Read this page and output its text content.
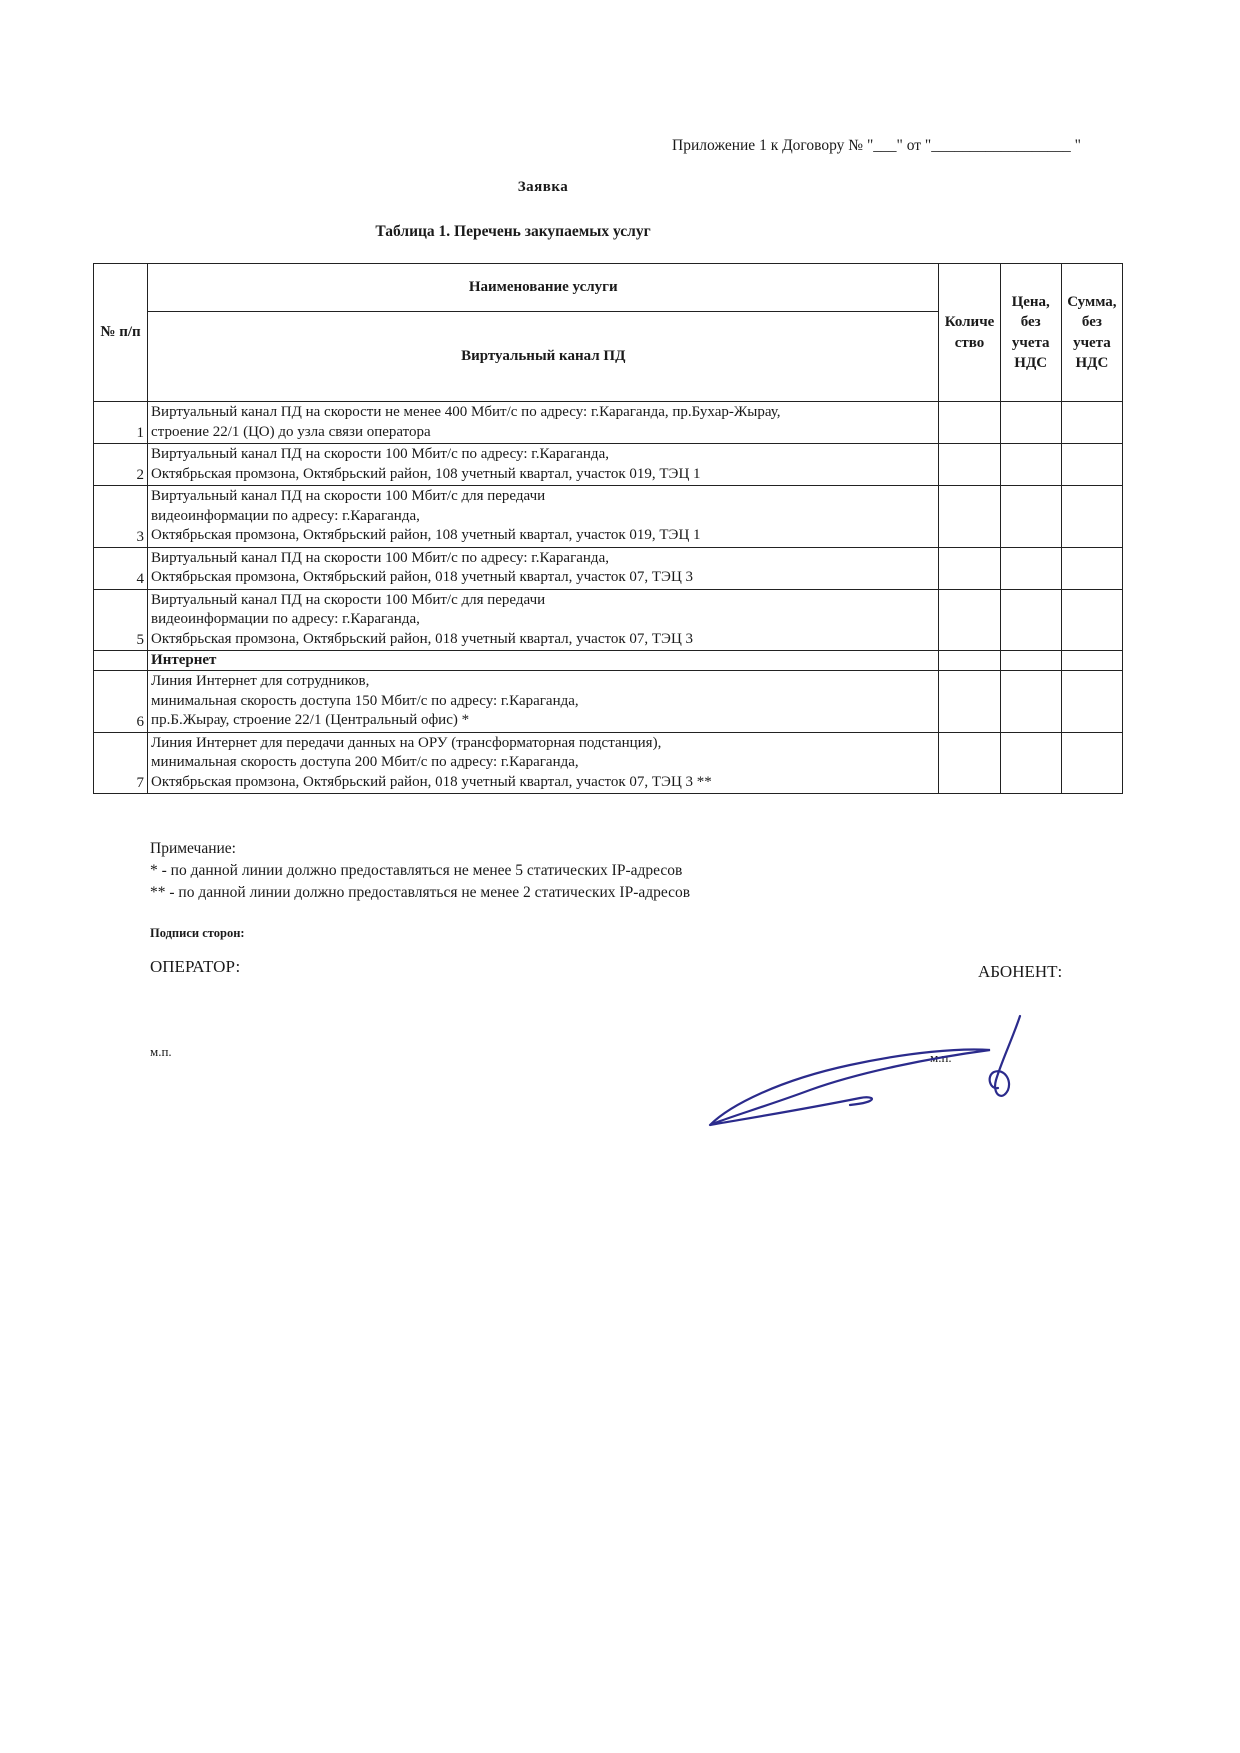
Приложение 1 к Договору № "___" от "__________________ "
Заявка
Таблица 1. Перечень закупаемых услуг
№ п/п	Наименование услуги	Количе ство	Цена, без учета НДС	Сумма, без учета НДС
	Виртуальный канал ПД			
1	Виртуальный канал ПД на скорости не менее 400 Мбит/с по адресу: г.Караганда, пр.Бухар-Жырау,
строение 22/1 (ЦО) до узла связи оператора			

2	Виртуальный канал ПД на скорости 100 Мбит/с по адресу: г.Караганда,
Октябрьская промзона, Октябрьский район, 108 учетный квартал, участок 019, ТЭЦ 1			

3	Виртуальный канал ПД на скорости 100 Мбит/с для передачи
видеоинформации по адресу: г.Караганда,
Октябрьская промзона, Октябрьский район, 108 учетный квартал, участок 019, ТЭЦ 1			

4	Виртуальный канал ПД на скорости 100 Мбит/с по адресу: г.Караганда,
Октябрьская промзона, Октябрьский район, 018 учетный квартал, участок 07, ТЭЦ 3			

5	Виртуальный канал ПД на скорости 100 Мбит/с для передачи
видеоинформации по адресу: г.Караганда,
Октябрьская промзона, Октябрьский район, 018 учетный квартал, участок 07, ТЭЦ 3			

	Интернет			
6	Линия Интернет для сотрудников,
минимальная скорость доступа 150 Мбит/с по адресу: г.Караганда,
пр.Б.Жырау, строение 22/1 (Центральный офис) *			

7	Линия Интернет для передачи данных на ОРУ (трансформаторная подстанция),
минимальная скорость доступа 200 Мбит/с по адресу: г.Караганда,
Октябрьская промзона, Октябрьский район, 018 учетный квартал, участок 07, ТЭЦ 3 **			

Примечание:
* - по данной линии должно предоставляться не менее 5 статических IP-адресов
** - по данной линии должно предоставляться не менее 2 статических IP-адресов
Подписи сторон:
ОПЕРАТОР:	АБОНЕНТ:
м.п.	м.п.
